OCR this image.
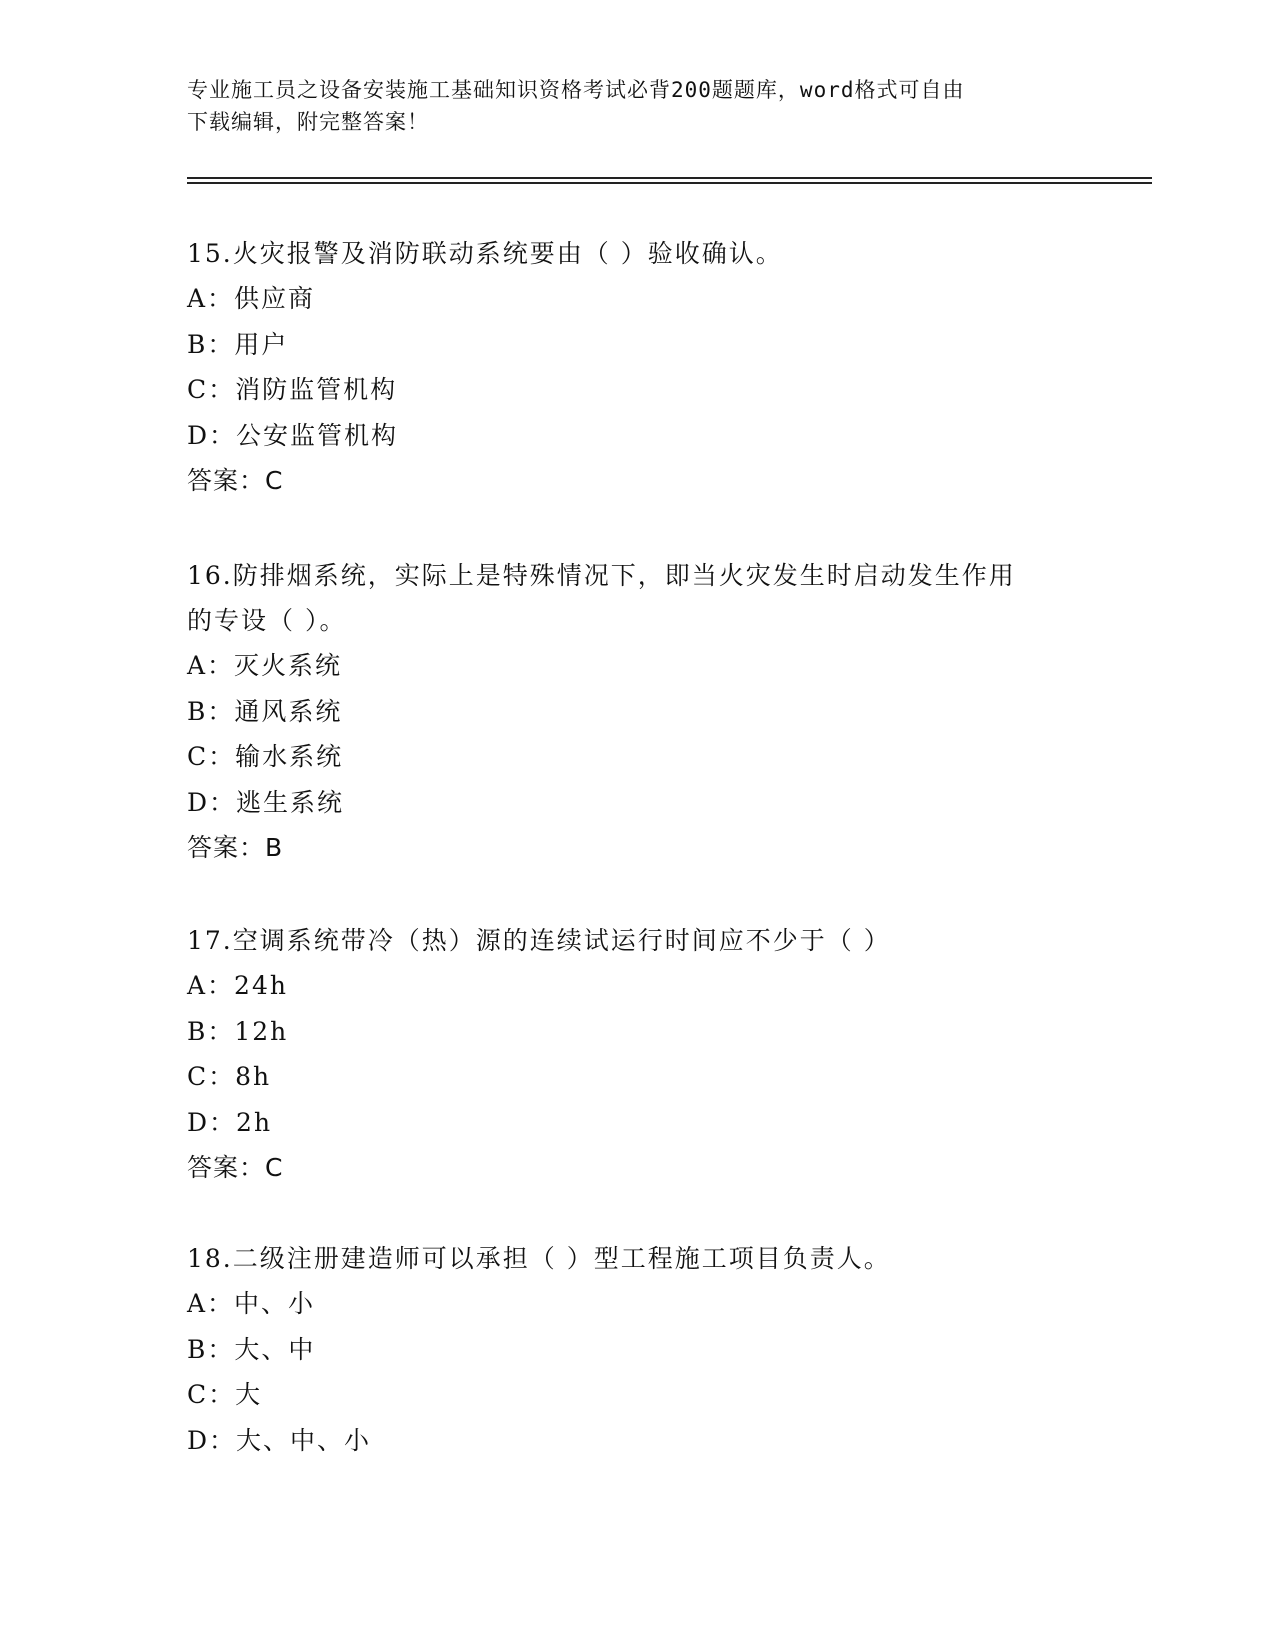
专业施工员之设备安装施工基础知识资格考试必背200题题库，word格式可自由
下载编辑，附完整答案！

15.火灾报警及消防联动系统要由（ ）验收确认。

A：供应商

B：用户

C：消防监管机构

D：公安监管机构

答案：C

16.防排烟系统，实际上是特殊情况下，即当火灾发生时启动发生作用

的专设（ ）。

A：灭火系统

B：通风系统

C：输水系统

D：逃生系统

答案：B

17.空调系统带冷（热）源的连续试运行时间应不少于（ ）

A：24h

B：12h

C：8h

D：2h

答案：C

18.二级注册建造师可以承担（ ）型工程施工项目负责人。

A：中、小

B：大、中

C：大

D：大、中、小
